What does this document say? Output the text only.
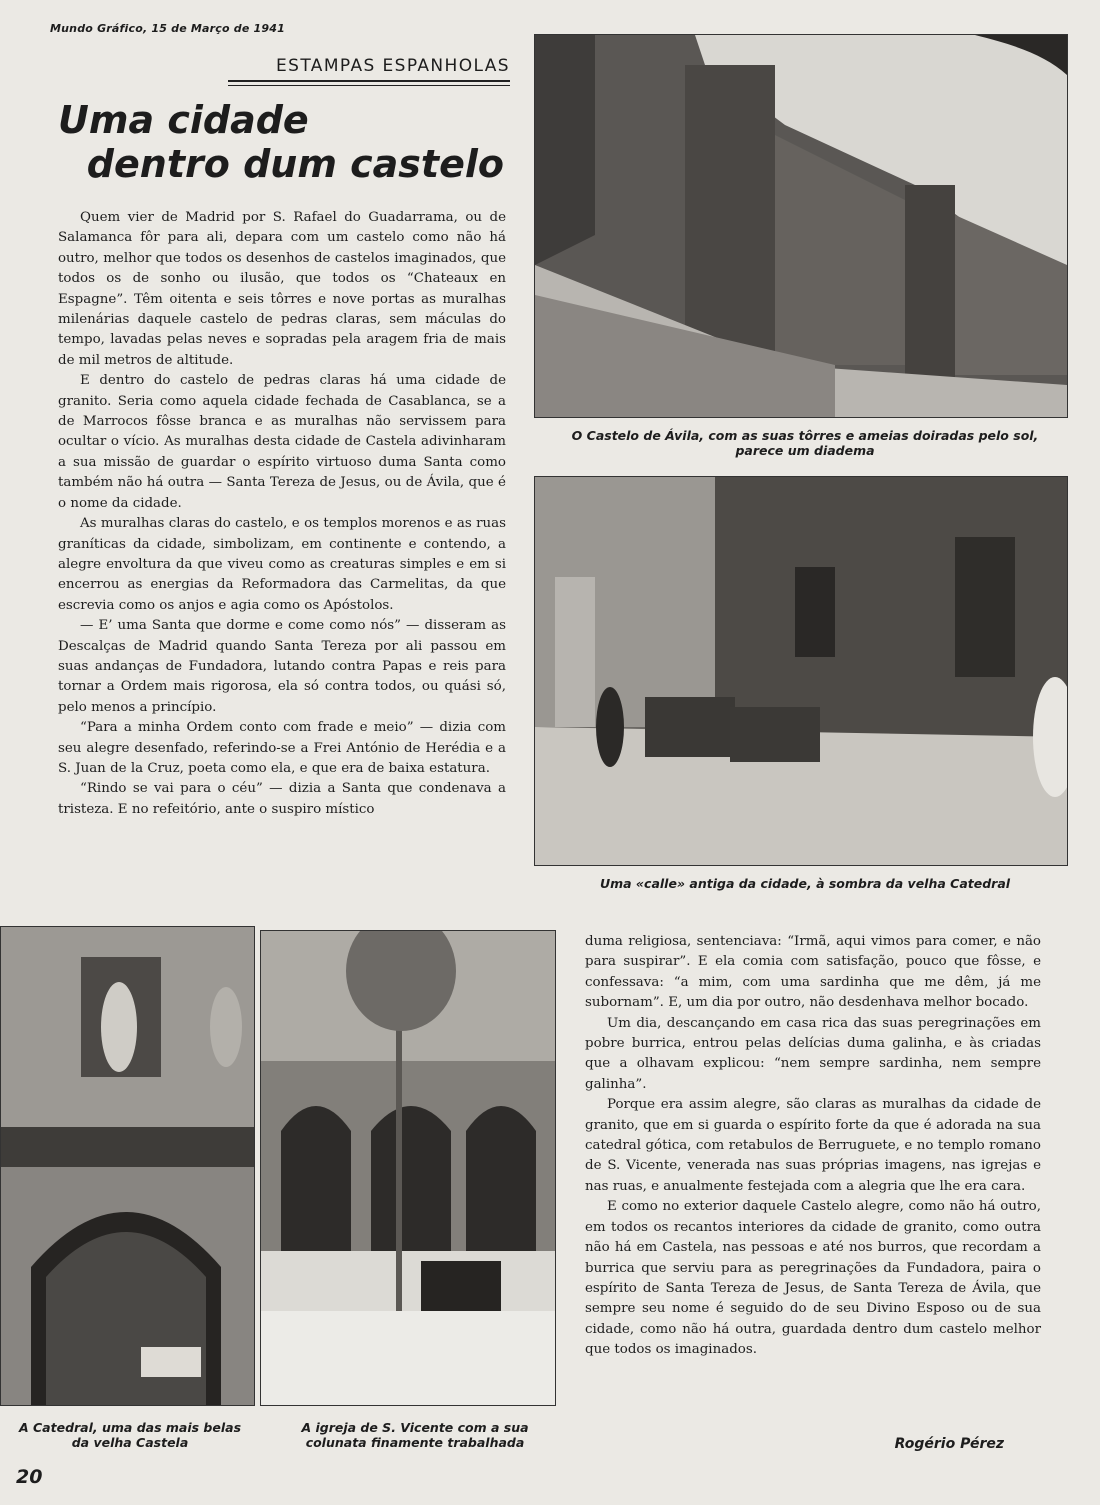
Mundo Gráfico, 15 de Março de 1941
ESTAMPAS ESPANHOLAS
Uma cidade
dentro dum castelo

Quem vier de Madrid por S. Rafael do Guadarrama, ou de Salamanca fôr para ali, depara com um castelo como não há outro, melhor que todos os desenhos de castelos imaginados, que todos os de sonho ou ilusão, que todos os “Chateaux en Espagne”. Têm oitenta e seis tôrres e nove portas as muralhas milenárias daquele castelo de pedras claras, sem máculas do tempo, lavadas pelas neves e sopradas pela aragem fria de mais de mil metros de altitude.

E dentro do castelo de pedras claras há uma cidade de granito. Seria como aquela cidade fechada de Casablanca, se a de Marrocos fôsse branca e as muralhas não servissem para ocultar o vício. As muralhas desta cidade de Castela adivinharam a sua missão de guardar o espírito virtuoso duma Santa como também não há outra — Santa Tereza de Jesus, ou de Ávila, que é o nome da cidade.

As muralhas claras do castelo, e os templos morenos e as ruas graníticas da cidade, simbolizam, em continente e contendo, a alegre envoltura da que viveu como as creaturas simples e em si encerrou as energias da Reformadora das Carmelitas, da que escrevia como os anjos e agia como os Apóstolos.

— E’ uma Santa que dorme e come como nós” — disseram as Descalças de Madrid quando Santa Tereza por ali passou em suas andanças de Fundadora, lutando contra Papas e reis para tornar a Ordem mais rigorosa, ela só contra todos, ou quási só, pelo menos a princípio.

“Para a minha Ordem conto com frade e meio” — dizia com seu alegre desenfado, referindo-se a Frei António de Herédia e a S. Juan de la Cruz, poeta como ela, e que era de baixa estatura.

“Rindo se vai para o céu” — dizia a Santa que condenava a tristeza. E no refeitório, ante o suspiro místico

O Castelo de Ávila, com as suas tôrres e ameias doiradas pelo sol, parece um diadema
Uma «calle» antiga da cidade, à sombra da velha Catedral
A Catedral, uma das mais belas da velha Castela
A igreja de S. Vicente com a sua colunata finamente trabalhada

duma religiosa, sentenciava: “Irmã, aqui vimos para comer, e não para suspirar”. E ela comia com satisfação, pouco que fôsse, e confessava: “a mim, com uma sardinha que me dêm, já me subornam”. E, um dia por outro, não desdenhava melhor bocado.

Um dia, descançando em casa rica das suas peregrinações em pobre burrica, entrou pelas delícias duma galinha, e às criadas que a olhavam explicou: “nem sempre sardinha, nem sempre galinha”.

Porque era assim alegre, são claras as muralhas da cidade de granito, que em si guarda o espírito forte da que é adorada na sua catedral gótica, com retabulos de Berruguete, e no templo romano de S. Vicente, venerada nas suas próprias imagens, nas igrejas e nas ruas, e anualmente festejada com a alegria que lhe era cara.

E como no exterior daquele Castelo alegre, como não há outro, em todos os recantos interiores da cidade de granito, como outra não há em Castela, nas pessoas e até nos burros, que recordam a burrica que serviu para as peregrinações da Fundadora, paira o espírito de Santa Tereza de Jesus, de Santa Tereza de Ávila, que sempre seu nome é seguido do de seu Divino Esposo ou de sua cidade, como não há outra, guardada dentro dum castelo melhor que todos os imaginados.

Rogério Pérez
20
